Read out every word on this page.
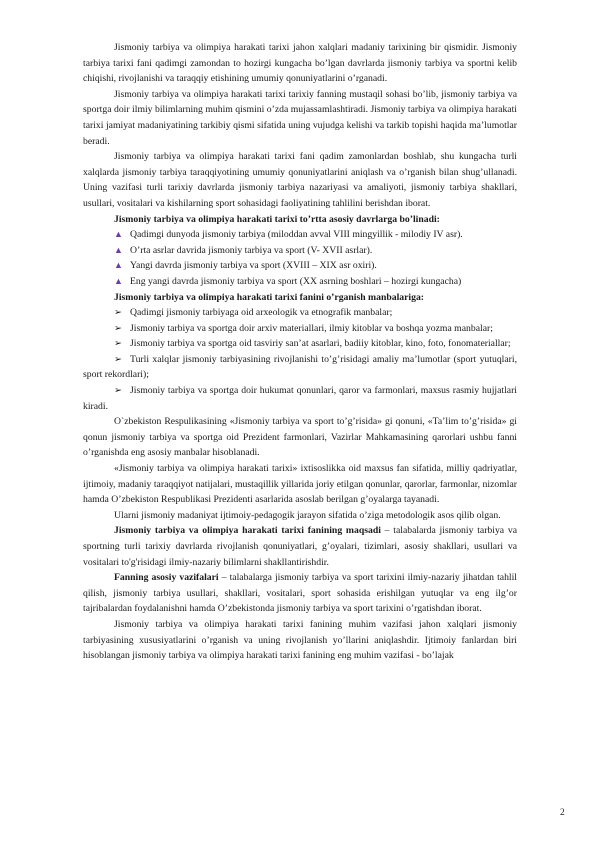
Jismoniy tarbiya va olimpiya harakati tarixi jahon xalqlari madaniy tarixining bir qismidir. Jismoniy tarbiya tarixi fani qadimgi zamondan to hozirgi kungacha bo’lgan davrlarda jismoniy tarbiya va sportni kelib chiqishi, rivojlanishi va taraqqiy etishining umumiy qonuniyatlarini o’rganadi.

Jismoniy tarbiya va olimpiya harakati tarixi tarixiy fanning mustaqil sohasi bo’lib, jismoniy tarbiya va sportga doir ilmiy bilimlarning muhim qismini o’zda mujassamlashtiradi. Jismoniy tarbiya va olimpiya harakati tarixi jamiyat madaniyatining tarkibiy qismi sifatida uning vujudga kelishi va tarkib topishi haqida ma’lumotlar beradi.

Jismoniy tarbiya va olimpiya harakati tarixi fani qadim zamonlardan boshlab, shu kungacha turli xalqlarda jismoniy tarbiya taraqqiyotining umumiy qonuniyatlarini aniqlash va o’rganish bilan shug’ullanadi. Uning vazifasi turli tarixiy davrlarda jismoniy tarbiya nazariyasi va amaliyoti, jismoniy tarbiya shakllari, usullari, vositalari va kishilarning sport sohasidagi faoliyatining tahlilini berishdan iborat.

Jismoniy tarbiya va olimpiya harakati tarixi to’rtta asosiy davrlarga bo’linadi:

▲ Qadimgi dunyoda jismoniy tarbiya (miloddan avval VIII mingyillik - milodiy IV asr).

▲ O’rta asrlar davrida jismoniy tarbiya va sport (V- XVII asrlar).

▲ Yangi davrda jismoniy tarbiya va sport (XVIII – XIX asr oxiri).

▲ Eng yangi davrda jismoniy tarbiya va sport (XX asrning boshlari – hozirgi kungacha)

Jismoniy tarbiya va olimpiya harakati tarixi fanini o’rganish manbalariga:

➢ Qadimgi jismoniy tarbiyaga oid arxeologik va etnografik manbalar;

➢ Jismoniy tarbiya va sportga doir arxiv materiallari, ilmiy kitoblar va boshqa yozma manbalar;

➢ Jismoniy tarbiya va sportga oid tasviriy san’at asarlari, badiiy kitoblar, kino, foto, fonomateriallar;

➢ Turli xalqlar jismoniy tarbiyasining rivojlanishi to’g’risidagi amaliy ma’lumotlar (sport yutuqlari, sport rekordlari);

➢ Jismoniy tarbiya va sportga doir hukumat qonunlari, qaror va farmonlari, maxsus rasmiy hujjatlari kiradi.

O`zbekiston Respulikasining «Jismoniy tarbiya va sport to’g’risida» gi qonuni, «Ta’lim to’g’risida» gi qonun jismoniy tarbiya va sportga oid Prezident farmonlari, Vazirlar Mahkamasining qarorlari ushbu fanni o’rganishda eng asosiy manbalar hisoblanadi.

«Jismoniy tarbiya va olimpiya harakati tarixi» ixtisoslikka oid maxsus fan sifatida, milliy qadriyatlar, ijtimoiy, madaniy taraqqiyot natijalari, mustaqillik yillarida joriy etilgan qonunlar, qarorlar, farmonlar, nizomlar hamda O’zbekiston Respublikasi Prezidenti asarlarida asoslab berilgan g’oyalarga tayanadi.

Ularni jismoniy madaniyat ijtimoiy-pedagogik jarayon sifatida o’ziga metodologik asos qilib olgan.

Jismoniy tarbiya va olimpiya harakati tarixi fanining maqsadi – talabalarda jismoniy tarbiya va sportning turli tarixiy davrlarda rivojlanish qonuniyatlari, g’oyalari, tizimlari, asosiy shakllari, usullari va vositalari to'g'risidagi ilmiy-nazariy bilimlarni shakllantirishdir.

Fanning asosiy vazifalari – talabalarga jismoniy tarbiya va sport tarixini ilmiy-nazariy jihatdan tahlil qilish, jismoniy tarbiya usullari, shakllari, vositalari, sport sohasida erishilgan yutuqlar va eng ilg’or tajribalardan foydalanishni hamda O’zbekistonda jismoniy tarbiya va sport tarixini o’rgatishdan iborat.

Jismoniy tarbiya va olimpiya harakati tarixi fanining muhim vazifasi jahon xalqlari jismoniy tarbiyasining xususiyatlarini o’rganish va uning rivojlanish yo’llarini aniqlashdir. Ijtimoiy fanlardan biri hisoblangan jismoniy tarbiya va olimpiya harakati tarixi fanining eng muhim vazifasi - bo’lajak

2
